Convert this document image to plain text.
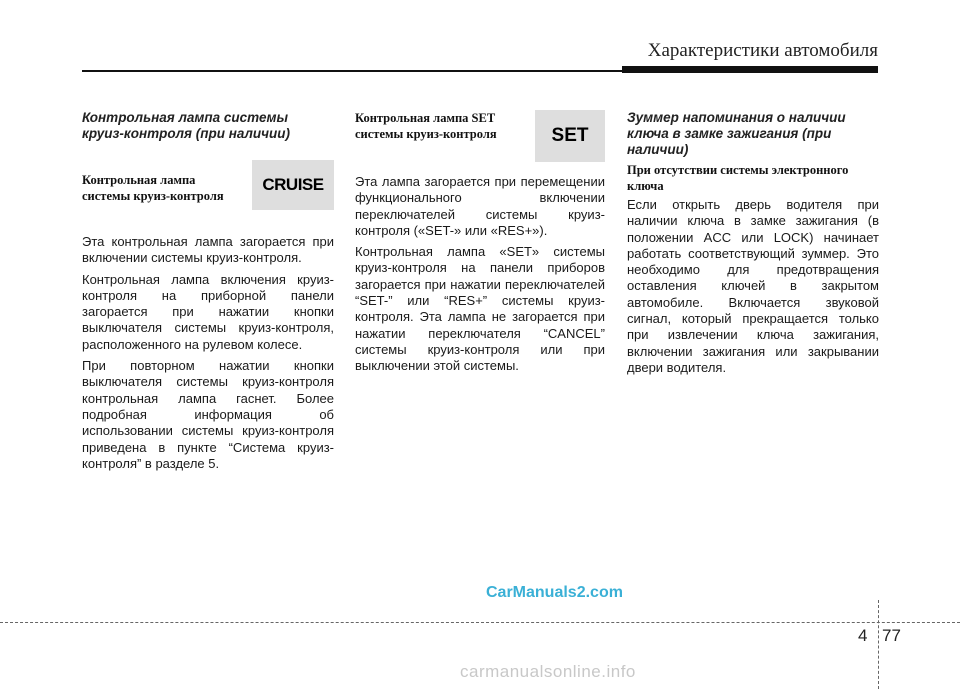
Характеристики автомобиля

Контрольная лампа системы круиз-контроля (при наличии)

Контрольная лампа

системы круиз-контроля

Эта контрольная лампа загорается при включении системы круиз-контроля.

Контрольная лампа включения круиз-контроля на приборной панели загорается при нажатии кнопки выключателя системы круиз-контроля, расположенного на рулевом колесе.

При повторном нажатии кнопки выключателя системы круиз-контроля контрольная лампа гаснет. Более подробная информация об использовании системы круиз-контроля приведена в пункте “Система круиз-контроля” в разделе 5.

CRUISE

Контрольная лампа SET

системы круиз-контроля

Эта лампа загорается при перемещении функционального включении переключателей системы круиз-контроля («SET-» или «RES+»).

Контрольная лампа «SET» системы круиз-контроля на панели приборов загорается при нажатии переключателей “SET-” или “RES+” системы круиз-контроля. Эта лампа не загорается при нажатии переключателя “CANCEL” системы круиз-контроля или при выключении этой системы.

SET

Зуммер напоминания о наличии ключа в замке зажигания (при наличии)

При отсутствии системы электронного ключа

Если открыть дверь водителя при наличии ключа в замке зажигания (в положении ACC или LOCK) начинает работать соответствующий зуммер. Это необходимо для предотвращения оставления ключей в закрытом автомобиле. Включается звуковой сигнал, который прекращается только при извлечении ключа зажигания, включении зажигания или закрывании двери водителя.

CarManuals2.com
4 77
carmanualsonline.info
